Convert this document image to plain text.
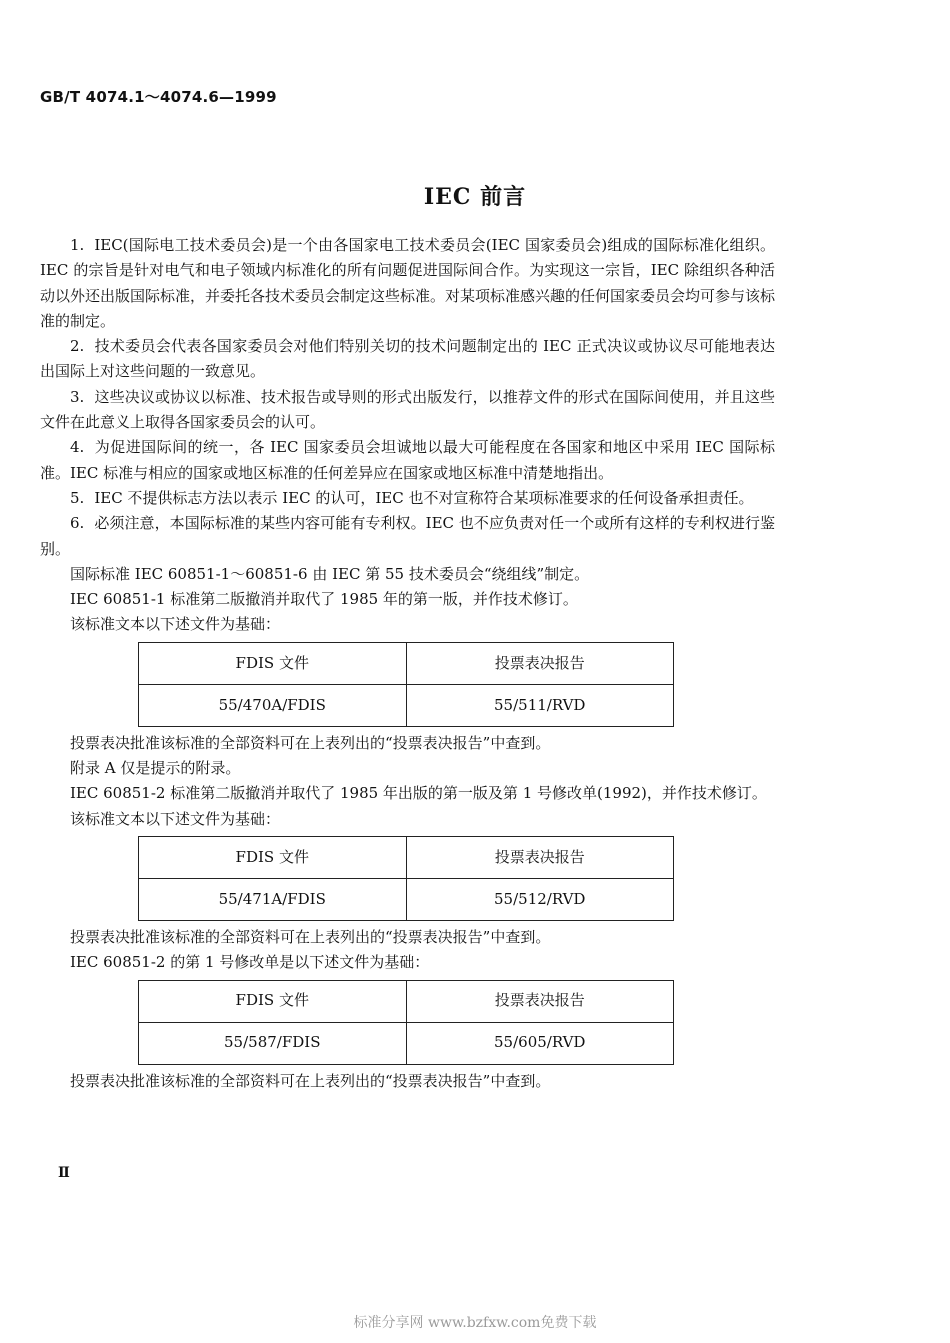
GB/T 4074.1～4074.6—1999
IEC 前言

1. IEC(国际电工技术委员会)是一个由各国家电工技术委员会(IEC 国家委员会)组成的国际标准化组织。IEC 的宗旨是针对电气和电子领域内标准化的所有问题促进国际间合作。为实现这一宗旨，IEC 除组织各种活动以外还出版国际标准，并委托各技术委员会制定这些标准。对某项标准感兴趣的任何国家委员会均可参与该标准的制定。

2. 技术委员会代表各国家委员会对他们特别关切的技术问题制定出的 IEC 正式决议或协议尽可能地表达出国际上对这些问题的一致意见。

3. 这些决议或协议以标准、技术报告或导则的形式出版发行，以推荐文件的形式在国际间使用，并且这些文件在此意义上取得各国家委员会的认可。

4. 为促进国际间的统一，各 IEC 国家委员会坦诚地以最大可能程度在各国家和地区中采用 IEC 国际标准。IEC 标准与相应的国家或地区标准的任何差异应在国家或地区标准中清楚地指出。

5. IEC 不提供标志方法以表示 IEC 的认可，IEC 也不对宣称符合某项标准要求的任何设备承担责任。

6. 必须注意，本国际标准的某些内容可能有专利权。IEC 也不应负责对任一个或所有这样的专利权进行鉴别。

国际标准 IEC 60851-1～60851-6 由 IEC 第 55 技术委员会“绕组线”制定。

IEC 60851-1 标准第二版撤消并取代了 1985 年的第一版，并作技术修订。

该标准文本以下述文件为基础：

FDIS 文件	投票表决报告
55/470A/FDIS	55/511/RVD

投票表决批准该标准的全部资料可在上表列出的“投票表决报告”中查到。

附录 A 仅是提示的附录。

IEC 60851-2 标准第二版撤消并取代了 1985 年出版的第一版及第 1 号修改单(1992)，并作技术修订。

该标准文本以下述文件为基础：

FDIS 文件	投票表决报告
55/471A/FDIS	55/512/RVD

投票表决批准该标准的全部资料可在上表列出的“投票表决报告”中查到。

IEC 60851-2 的第 1 号修改单是以下述文件为基础：

FDIS 文件	投票表决报告
55/587/FDIS	55/605/RVD

投票表决批准该标准的全部资料可在上表列出的“投票表决报告”中查到。

Ⅱ
标准分享网 www.bzfxw.com免费下载
